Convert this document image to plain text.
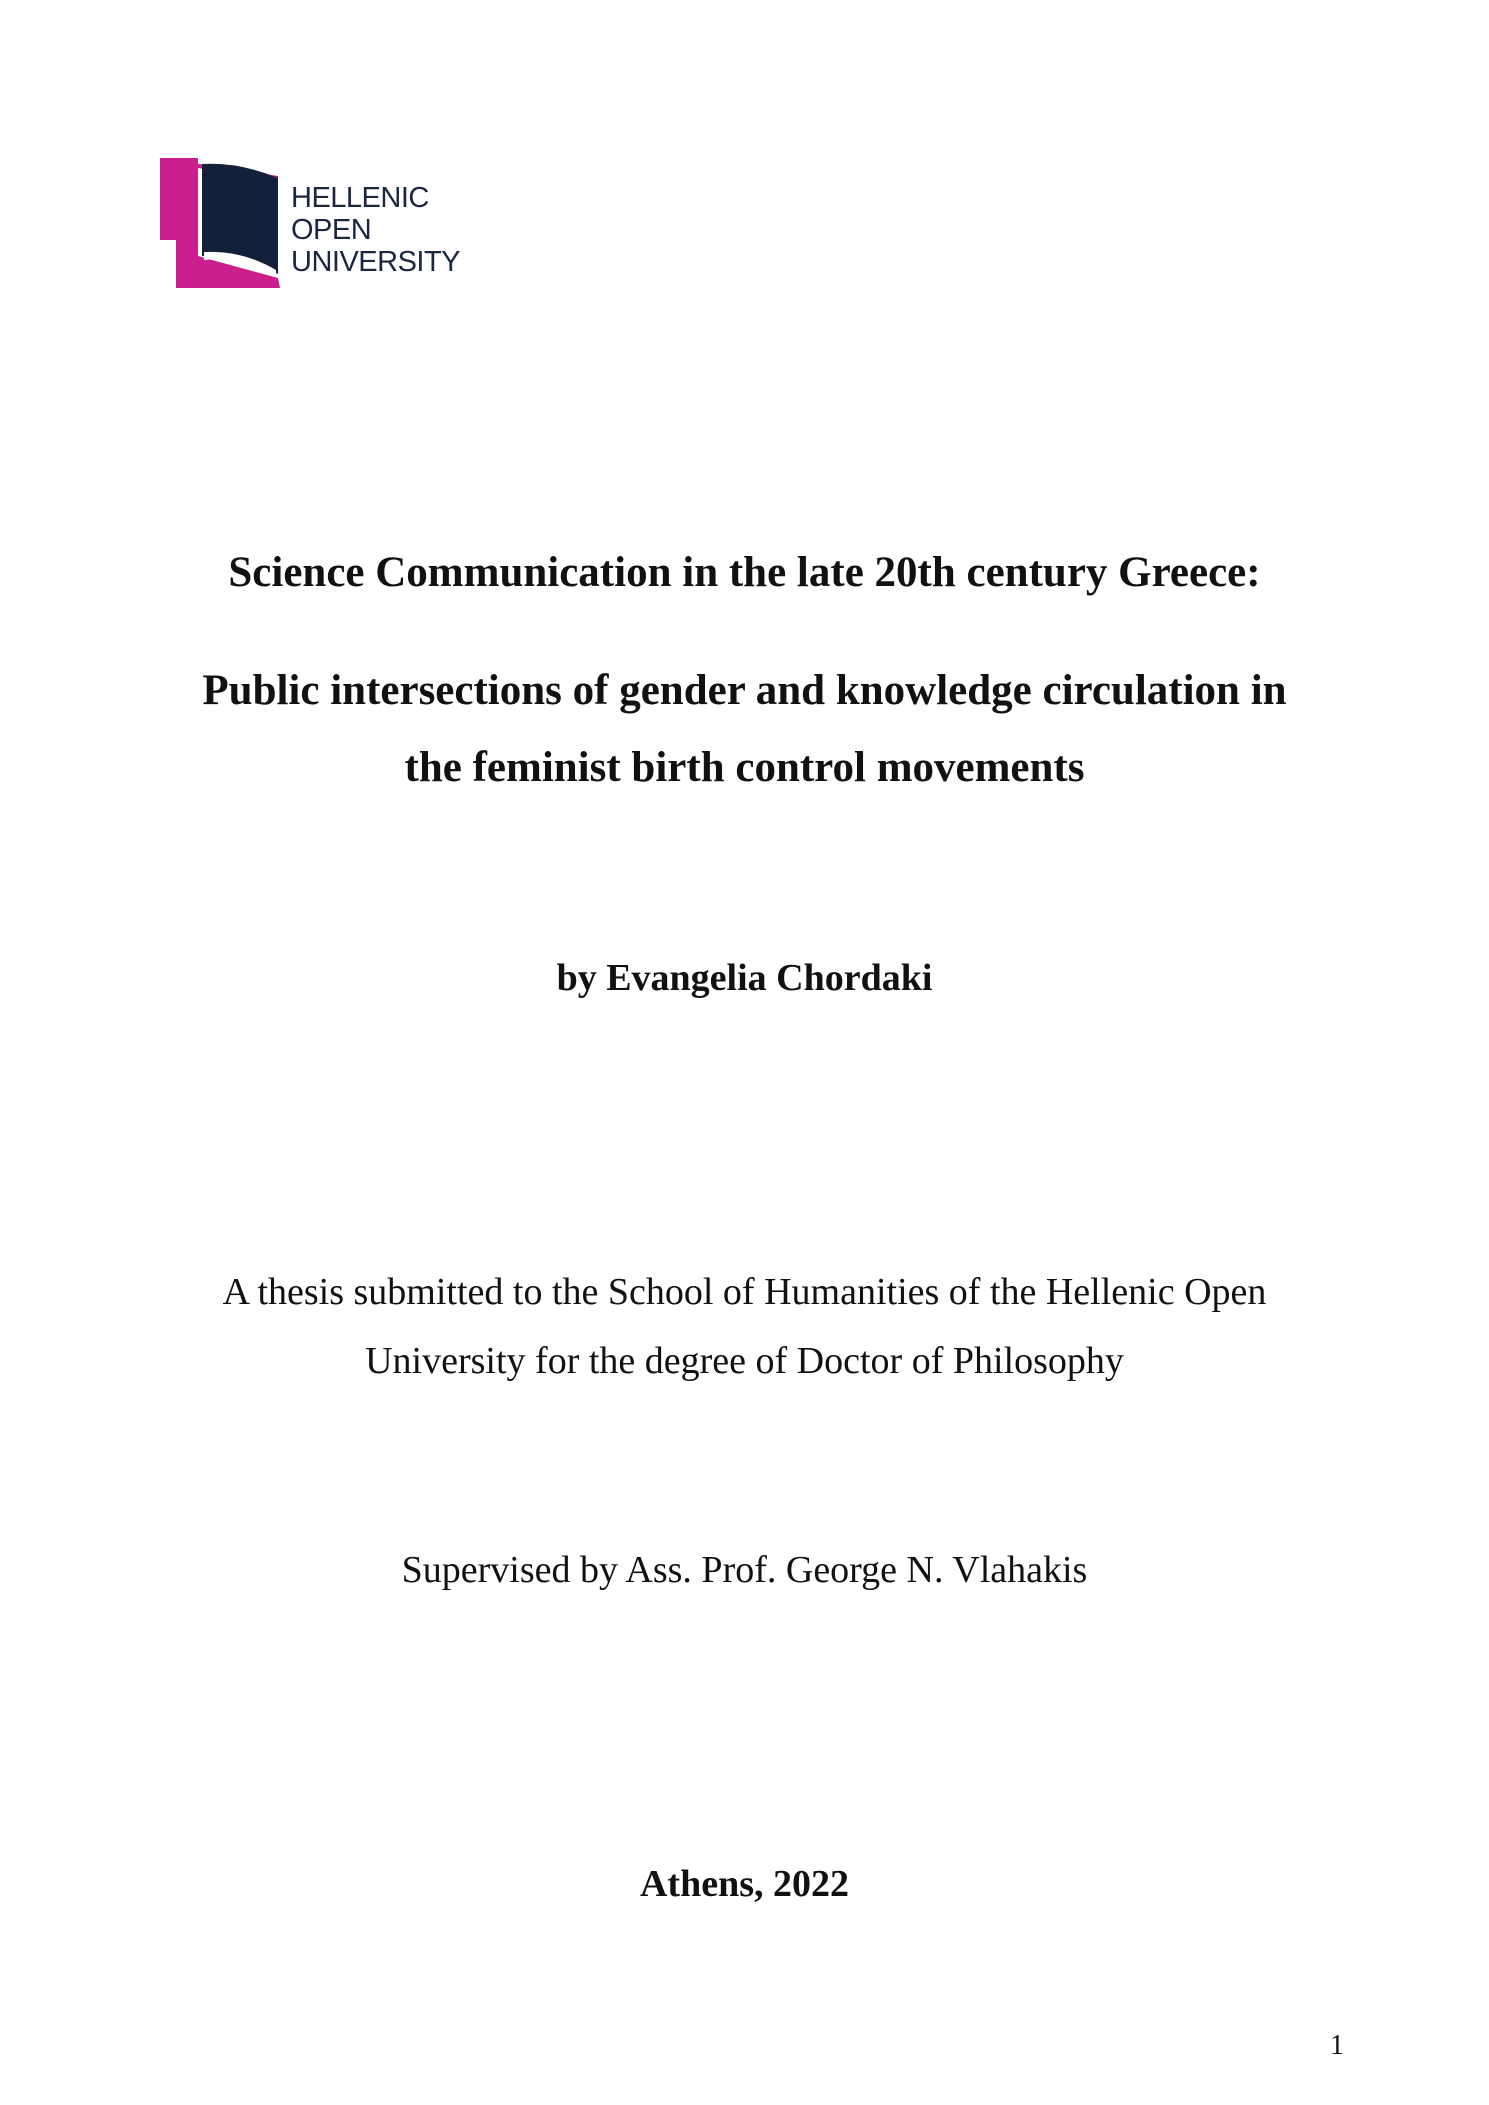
HELLENIC
OPEN
UNIVERSITY
Science Communication in the late 20th century Greece:
Public intersections of gender and knowledge circulation in
the feminist birth control movements
by Evangelia Chordaki
A thesis submitted to the School of Humanities of the Hellenic Open
University for the degree of Doctor of Philosophy
Supervised by Ass. Prof. George N. Vlahakis
Athens, 2022
1
